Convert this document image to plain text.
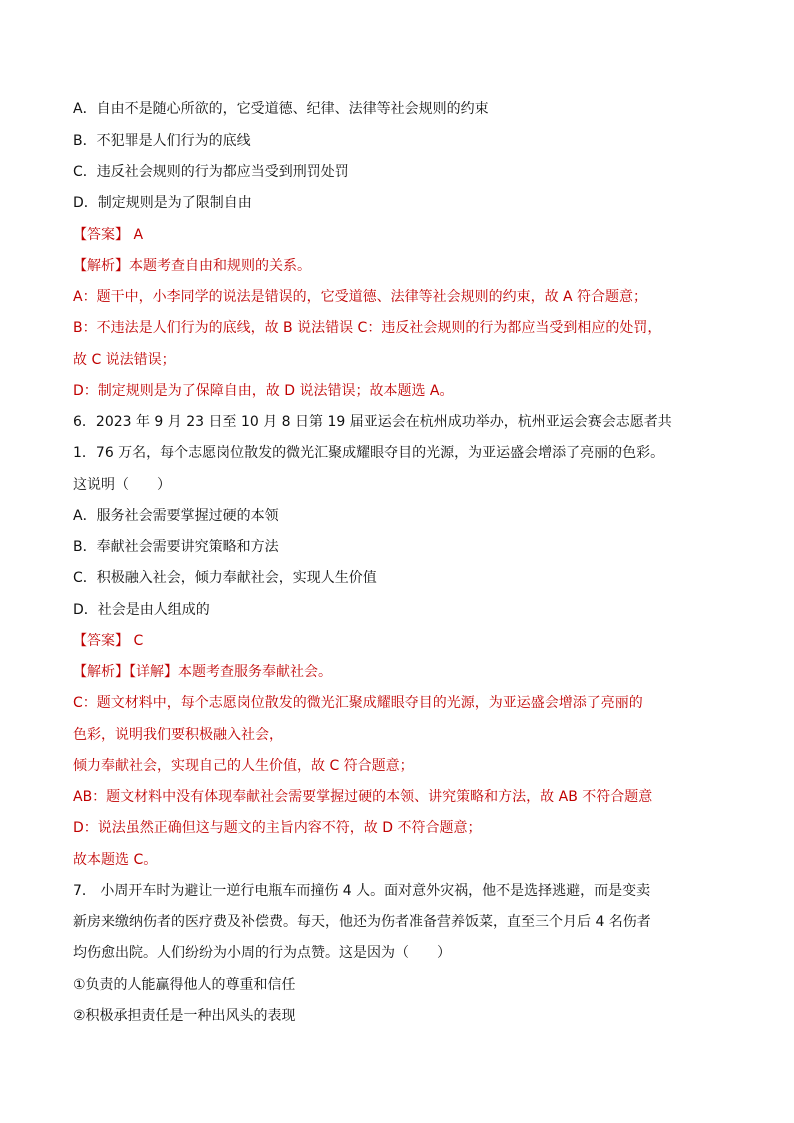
A．自由不是随心所欲的，它受道德、纪律、法律等社会规则的约束
B．不犯罪是人们行为的底线
C．违反社会规则的行为都应当受到刑罚处罚
D．制定规则是为了限制自由
【答案】 A
【解析】本题考查自由和规则的关系。
A：题干中，小李同学的说法是错误的，它受道德、法律等社会规则的约束，故 A 符合题意；
B：不违法是人们行为的底线，故 B 说法错误 C：违反社会规则的行为都应当受到相应的处罚，
故 C 说法错误；
D：制定规则是为了保障自由，故 D 说法错误；故本题选 A。
6．2023 年 9 月 23 日至 10 月 8 日第 19 届亚运会在杭州成功举办，杭州亚运会赛会志愿者共
1．76 万名，每个志愿岗位散发的微光汇聚成耀眼夺目的光源，为亚运盛会增添了亮丽的色彩。
这说明（　　）
A．服务社会需要掌握过硬的本领
B．奉献社会需要讲究策略和方法
C．积极融入社会，倾力奉献社会，实现人生价值
D．社会是由人组成的
【答案】 C
【解析】【详解】本题考查服务奉献社会。
C：题文材料中，每个志愿岗位散发的微光汇聚成耀眼夺目的光源，为亚运盛会增添了亮丽的
色彩，说明我们要积极融入社会，
倾力奉献社会，实现自己的人生价值，故 C 符合题意；
AB：题文材料中没有体现奉献社会需要掌握过硬的本领、讲究策略和方法，故 AB 不符合题意
D：说法虽然正确但这与题文的主旨内容不符，故 D 不符合题意；
故本题选 C。
7． 小周开车时为避让一逆行电瓶车而撞伤 4 人。面对意外灾祸，他不是选择逃避，而是变卖
新房来缴纳伤者的医疗费及补偿费。每天，他还为伤者准备营养饭菜，直至三个月后 4 名伤者
均伤愈出院。人们纷纷为小周的行为点赞。这是因为（　　）
①负责的人能赢得他人的尊重和信任
②积极承担责任是一种出风头的表现
